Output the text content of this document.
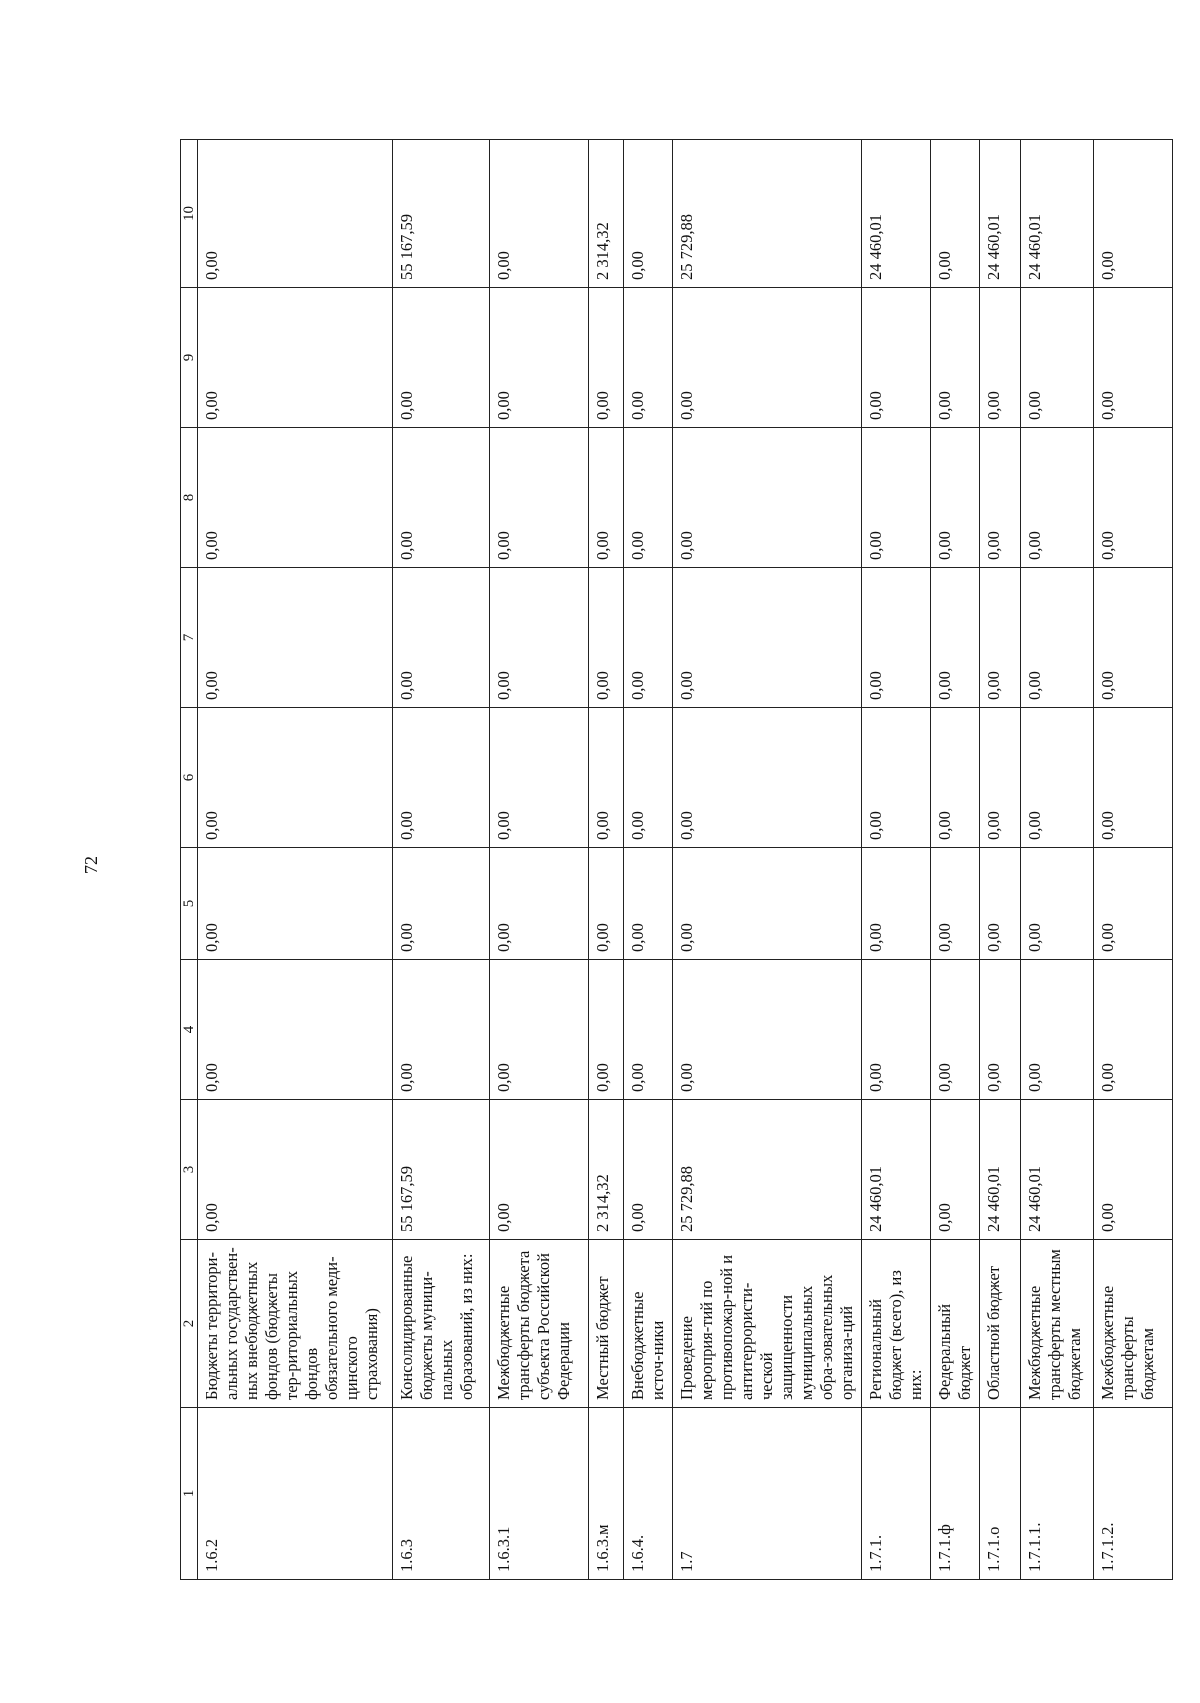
72
1	2	3	4	5	6	7	8	9	10
1.6.2	Бюджеты территори-альных государствен-ных внебюджетных фондов (бюджеты тер-риториальных фондов обязательного меди-цинского страхования)	0,00	0,00	0,00	0,00	0,00	0,00	0,00	0,00
1.6.3	Консолидированные бюджеты муници-пальных образований, из них:	55 167,59	0,00	0,00	0,00	0,00	0,00	0,00	55 167,59
1.6.3.1	Межбюджетные трансферты бюджета субъекта Российской Федерации	0,00	0,00	0,00	0,00	0,00	0,00	0,00	0,00
1.6.3.м	Местный бюджет	2 314,32	0,00	0,00	0,00	0,00	0,00	0,00	2 314,32
1.6.4.	Внебюджетные источ-ники	0,00	0,00	0,00	0,00	0,00	0,00	0,00	0,00
1.7	Проведение мероприя-тий по противопожар-ной и антитеррористи-ческой защищенности муниципальных обра-зовательных организа-ций	25 729,88	0,00	0,00	0,00	0,00	0,00	0,00	25 729,88
1.7.1.	Региональный бюджет (всего), из них:	24 460,01	0,00	0,00	0,00	0,00	0,00	0,00	24 460,01
1.7.1.ф	Федеральный бюджет	0,00	0,00	0,00	0,00	0,00	0,00	0,00	0,00
1.7.1.о	Областной бюджет	24 460,01	0,00	0,00	0,00	0,00	0,00	0,00	24 460,01
1.7.1.1.	Межбюджетные трансферты местным бюджетам	24 460,01	0,00	0,00	0,00	0,00	0,00	0,00	24 460,01
1.7.1.2.	Межбюджетные трансферты бюджетам	0,00	0,00	0,00	0,00	0,00	0,00	0,00	0,00
